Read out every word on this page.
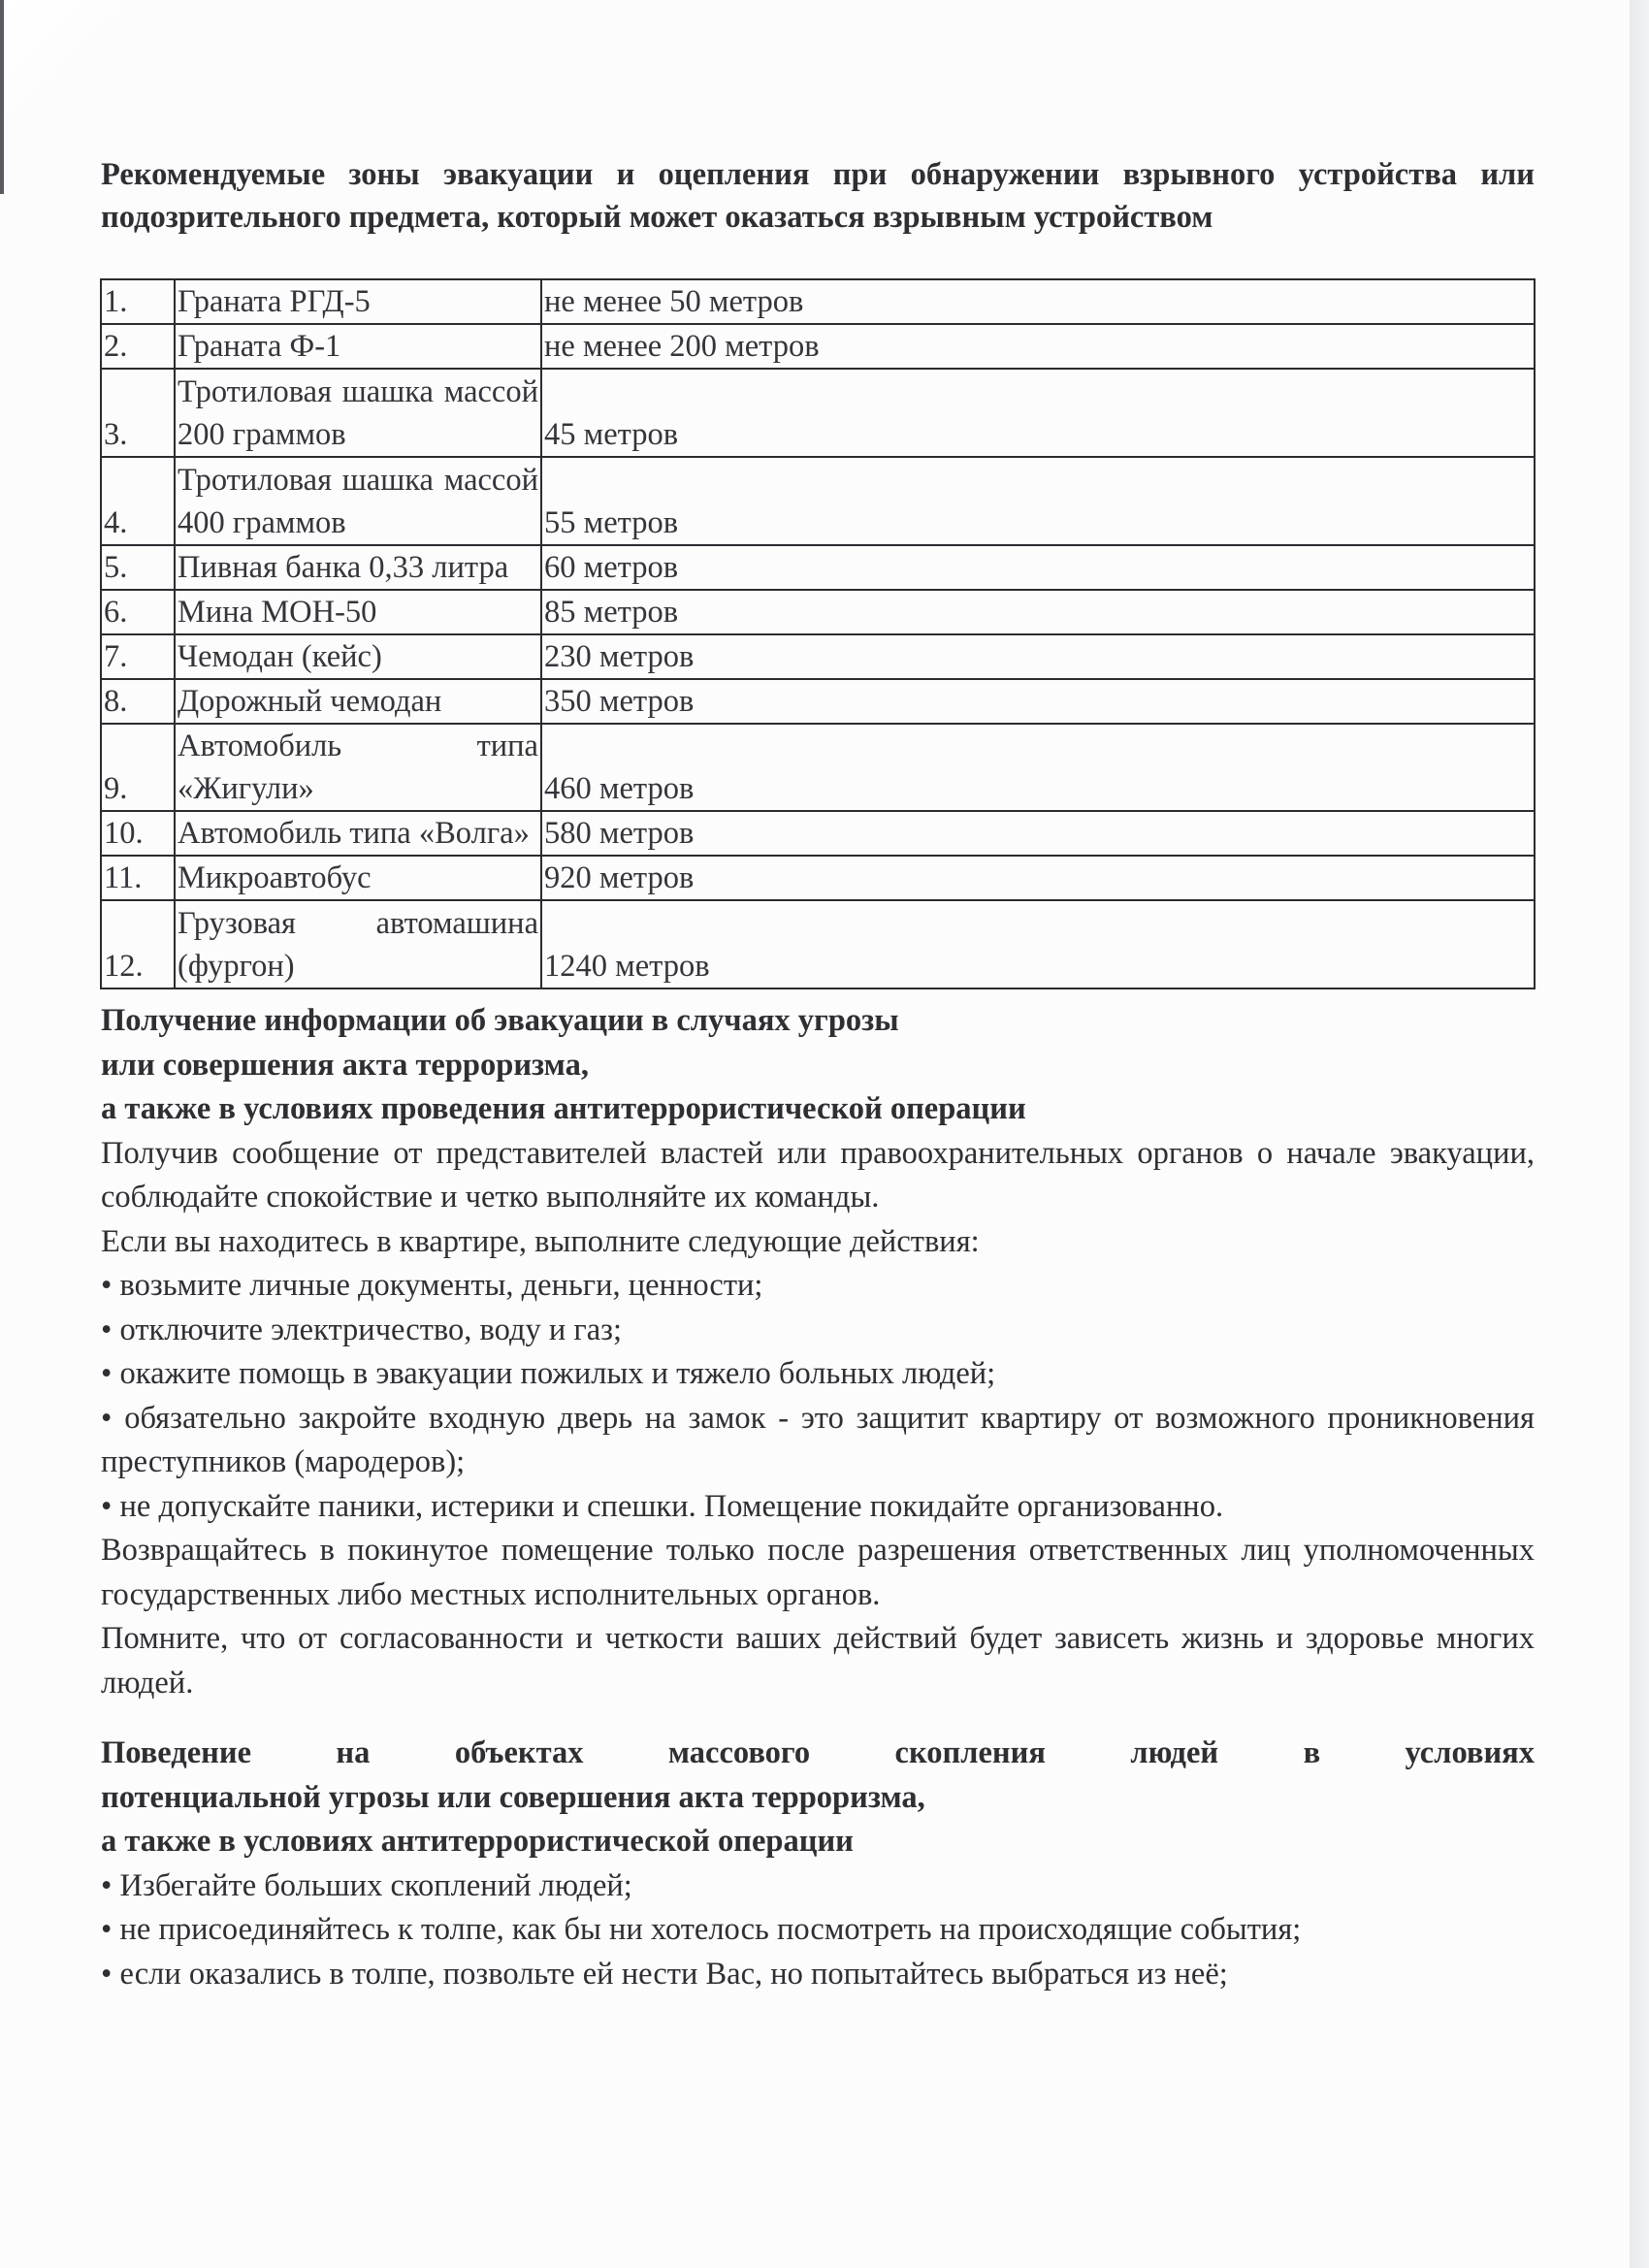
Рекомендуемые зоны эвакуации и оцепления при обнаружении взрывного устройства или подозрительного предмета, который может оказаться взрывным устройством
1.	Граната РГД-5	не менее 50 метров
2.	Граната Ф-1	не менее 200 метров
3.	Тротиловая шашка массой 200 граммов	45 метров
4.	Тротиловая шашка массой 400 граммов	55 метров
5.	Пивная банка 0,33 литра	60 метров
6.	Мина МОН-50	85 метров
7.	Чемодан (кейс)	230 метров
8.	Дорожный чемодан	350 метров
9.	Автомобиль типа «Жигули»	460 метров
10.	Автомобиль типа «Волга»	580 метров
11.	Микроавтобус	920 метров
12.	Грузовая автомашина (фургон)	1240 метров
Получение информации об эвакуации в случаях угрозы
или совершения акта терроризма,
а также в условиях проведения антитеррористической операции
Получив сообщение от представителей властей или правоохранительных органов о начале эвакуации, соблюдайте спокойствие и четко выполняйте их команды.
Если вы находитесь в квартире, выполните следующие действия:
• возьмите личные документы, деньги, ценности;
• отключите электричество, воду и газ;
• окажите помощь в эвакуации пожилых и тяжело больных людей;
• обязательно закройте входную дверь на замок - это защитит квартиру от возможного проникновения преступников (мародеров);
• не допускайте паники, истерики и спешки. Помещение покидайте организованно.
Возвращайтесь в покинутое помещение только после разрешения ответственных лиц уполномоченных государственных либо местных исполнительных органов.
Помните, что от согласованности и четкости ваших действий будет зависеть жизнь и здоровье многих людей.
Поведение на объектах массового скопления людей в условиях
потенциальной угрозы или совершения акта терроризма,
а также в условиях антитеррористической операции
• Избегайте больших скоплений людей;
• не присоединяйтесь к толпе, как бы ни хотелось посмотреть на происходящие события;
• если оказались в толпе, позвольте ей нести Вас, но попытайтесь выбраться из неё;
